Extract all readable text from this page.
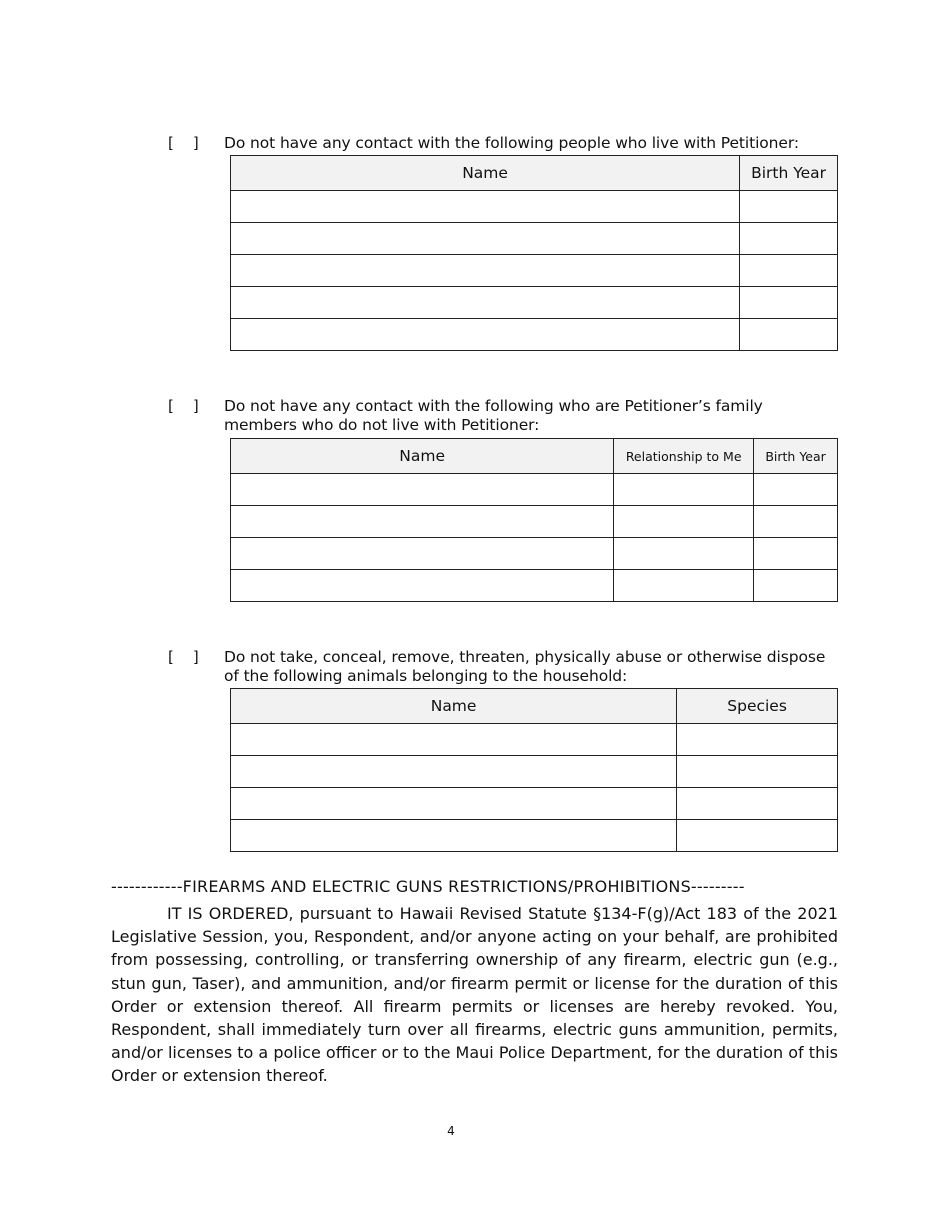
[    ]	Do not have any contact with the following people who live with Petitioner:
Name	Birth Year

[    ]	Do not have any contact with the following who are Petitioner’s family members who do not live with Petitioner:
Name	Relationship to Me	Birth Year

[    ]	Do not take, conceal, remove, threaten, physically abuse or otherwise dispose of the following animals belonging to the household:
Name	Species

------------FIREARMS AND ELECTRIC GUNS RESTRICTIONS/PROHIBITIONS---------
IT IS ORDERED, pursuant to Hawaii Revised Statute §134-F(g)/Act 183 of the 2021 Legislative Session, you, Respondent, and/or anyone acting on your behalf, are prohibited from possessing, controlling, or transferring ownership of any firearm, electric gun (e.g., stun gun, Taser), and ammunition, and/or firearm permit or license for the duration of this Order or extension thereof. All firearm permits or licenses are hereby revoked. You, Respondent, shall immediately turn over all firearms, electric guns ammunition, permits, and/or licenses to a police officer or to the Maui Police Department, for the duration of this Order or extension thereof.
4
